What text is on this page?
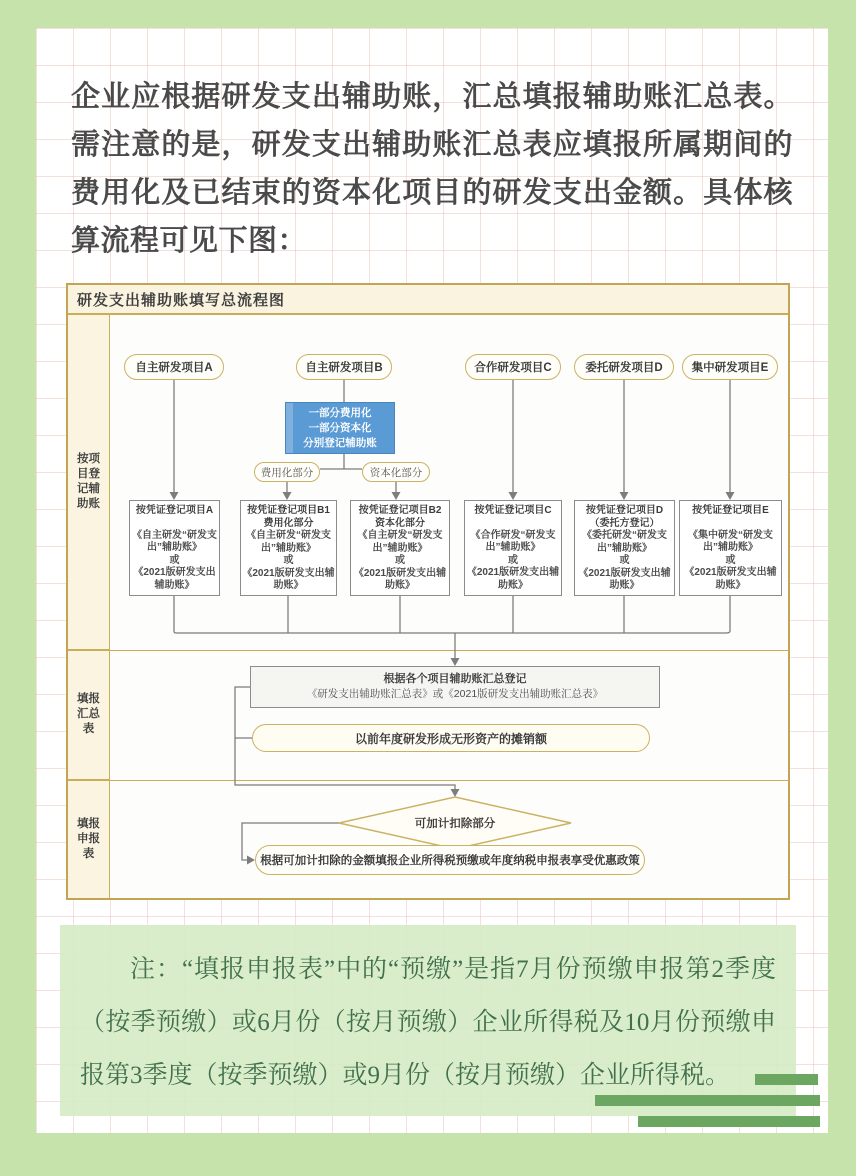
企业应根据研发支出辅助账，汇总填报辅助账汇总表。需注意的是，研发支出辅助账汇总表应填报所属期间的费用化及已结束的资本化项目的研发支出金额。具体核算流程可见下图：

研发支出辅助账填写总流程图
按项目登记辅助账
填报汇总表
填报申报表
自主研发项目A	自主研发项目B	合作研发项目C	委托研发项目D	集中研发项目E
一部分费用化
一部分资本化
分别登记辅助账
费用化部分	资本化部分
按凭证登记项目A
《自主研发“研发支出”辅助账》
或
《2021版研发支出辅助账》
按凭证登记项目B1
费用化部分
《自主研发“研发支出”辅助账》
或
《2021版研发支出辅助账》
按凭证登记项目B2
资本化部分
《自主研发“研发支出”辅助账》
或
《2021版研发支出辅助账》
按凭证登记项目C
《合作研发“研发支出”辅助账》
或
《2021版研发支出辅助账》
按凭证登记项目D
（委托方登记）
《委托研发“研发支出”辅助账》
或
《2021版研发支出辅助账》
按凭证登记项目E
《集中研发“研发支出”辅助账》
或
《2021版研发支出辅助账》
根据各个项目辅助账汇总登记
《研发支出辅助账汇总表》或《2021版研发支出辅助账汇总表》
以前年度研发形成无形资产的摊销额
可加计扣除部分
根据可加计扣除的金额填报企业所得税预缴或年度纳税申报表享受优惠政策

注：“填报申报表”中的“预缴”是指7月份预缴申报第2季度（按季预缴）或6月份（按月预缴）企业所得税及10月份预缴申报第3季度（按季预缴）或9月份（按月预缴）企业所得税。
